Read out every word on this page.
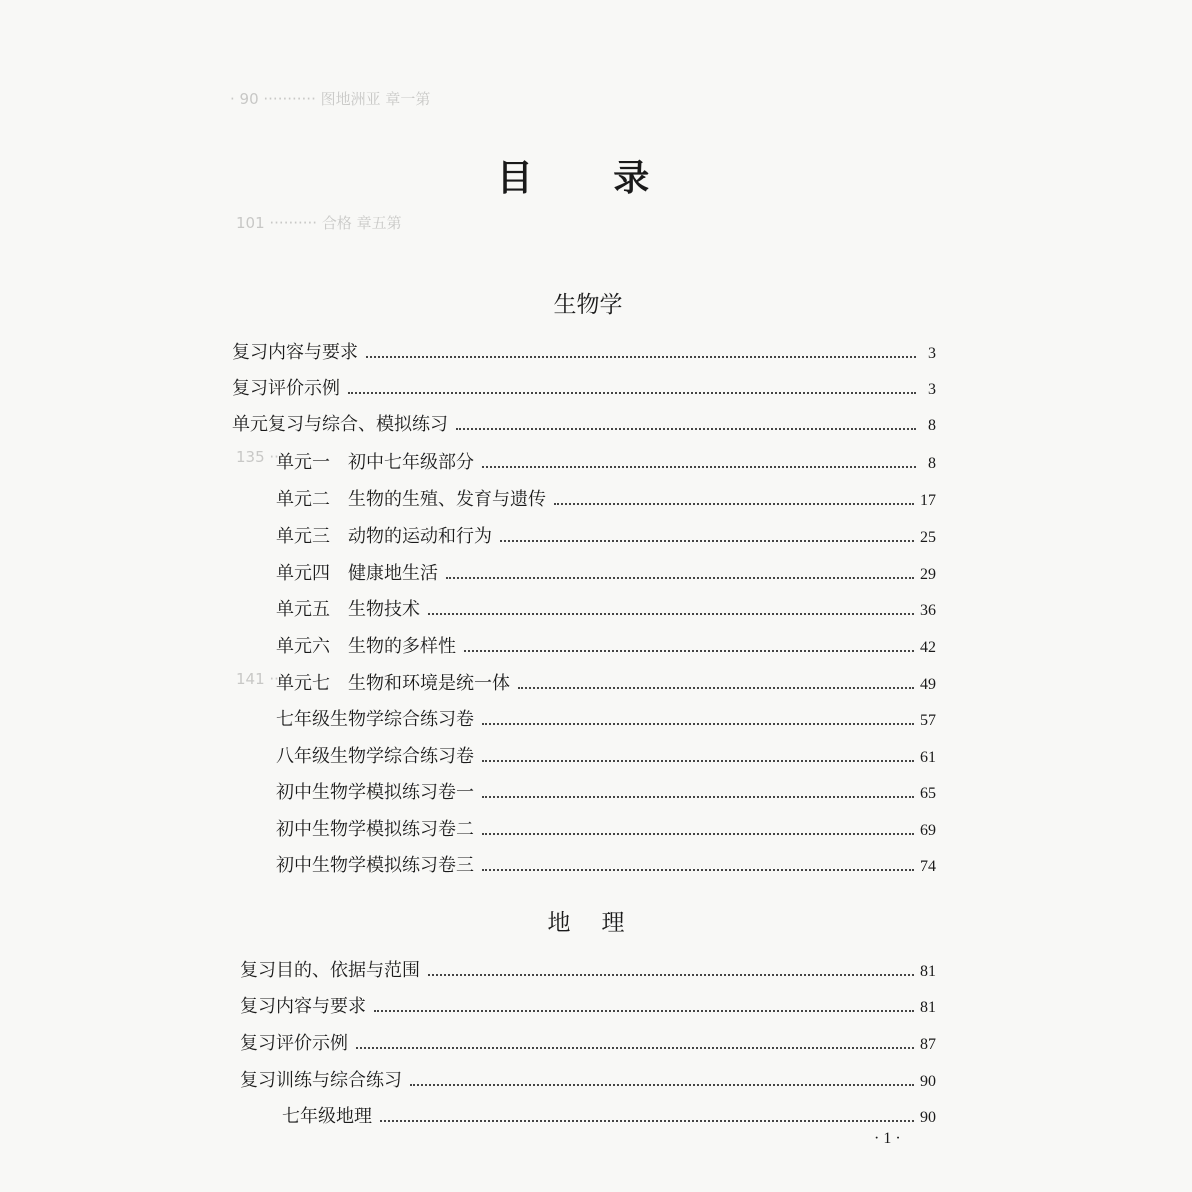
· 90 ··········· 图地洲亚 章一第
101 ·········· 合格 章五第
135 ·····
141 ·····
目 录
生物学
复习内容与要求	3
复习评价示例	3
单元复习与综合、模拟练习	8
单元一　初中七年级部分	8
单元二　生物的生殖、发育与遗传	17
单元三　动物的运动和行为	25
单元四　健康地生活	29
单元五　生物技术	36
单元六　生物的多样性	42
单元七　生物和环境是统一体	49
七年级生物学综合练习卷	57
八年级生物学综合练习卷	61
初中生物学模拟练习卷一	65
初中生物学模拟练习卷二	69
初中生物学模拟练习卷三	74
地　理
复习目的、依据与范围	81
复习内容与要求	81
复习评价示例	87
复习训练与综合练习	90
七年级地理	90
· 1 ·
